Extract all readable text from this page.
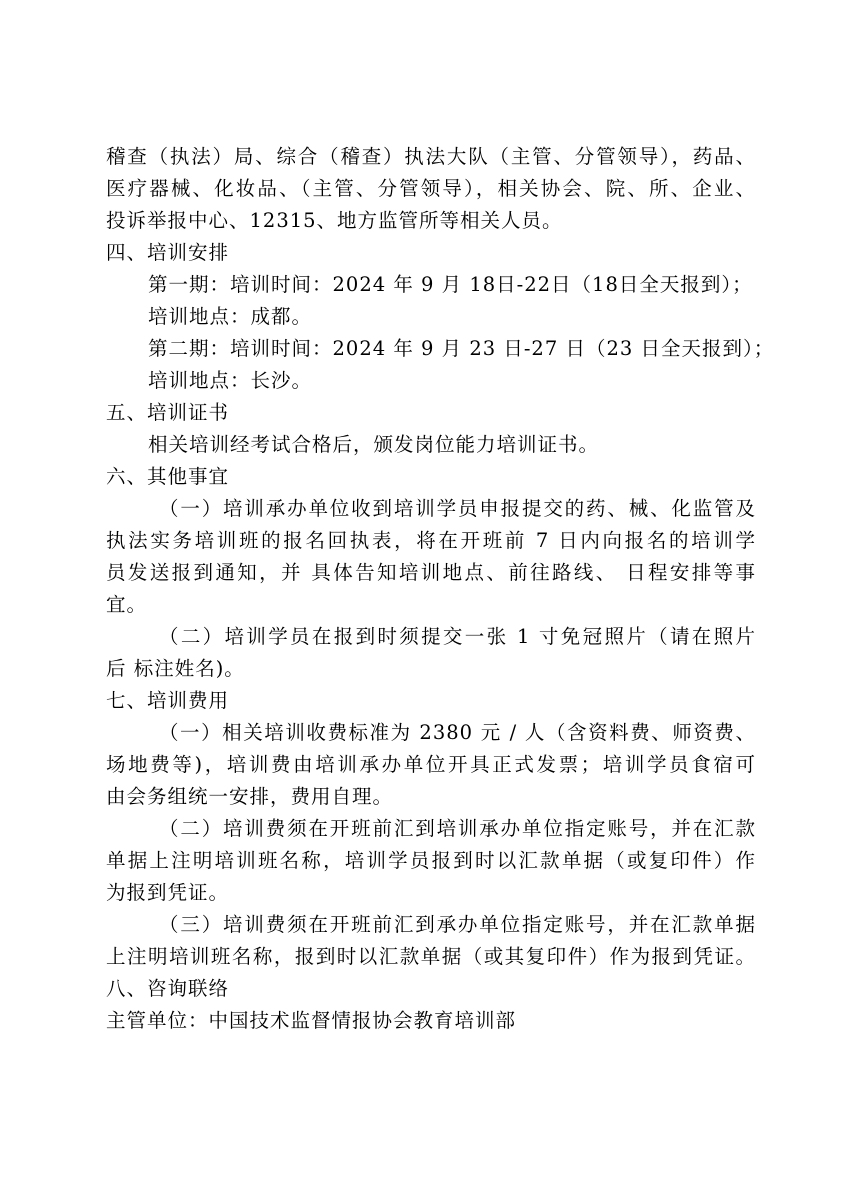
稽查（执法）局、综合（稽查）执法大队（主管、分管领导），药品、
医疗器械、化妆品、（主管、分管领导），相关协会、院、所、企业、
投诉举报中心、12315、地方监管所等相关人员。
四、培训安排
第一期：培训时间：2024 年 9 月 18日-22日（18日全天报到）；
培训地点：成都。
第二期：培训时间：2024 年 9 月 23 日-27 日（23 日全天报到）；
培训地点：长沙。
五、培训证书
相关培训经考试合格后，颁发岗位能力培训证书。
六、其他事宜
（一）培训承办单位收到培训学员申报提交的药、械、化监管及
执法实务培训班的报名回执表，将在开班前 7 日内向报名的培训学
员发送报到通知，并 具体告知培训地点、前往路线、 日程安排等事
宜。
（二）培训学员在报到时须提交一张 1 寸免冠照片（请在照片
后 标注姓名)。
七、培训费用
（一）相关培训收费标准为 2380 元 / 人（含资料费、师资费、
场地费等)，培训费由培训承办单位开具正式发票；培训学员食宿可
由会务组统一安排，费用自理。
（二）培训费须在开班前汇到培训承办单位指定账号，并在汇款
单据上注明培训班名称，培训学员报到时以汇款单据（或复印件）作
为报到凭证。
（三）培训费须在开班前汇到承办单位指定账号，并在汇款单据
上注明培训班名称，报到时以汇款单据（或其复印件）作为报到凭证。
八、咨询联络
主管单位：中国技术监督情报协会教育培训部
